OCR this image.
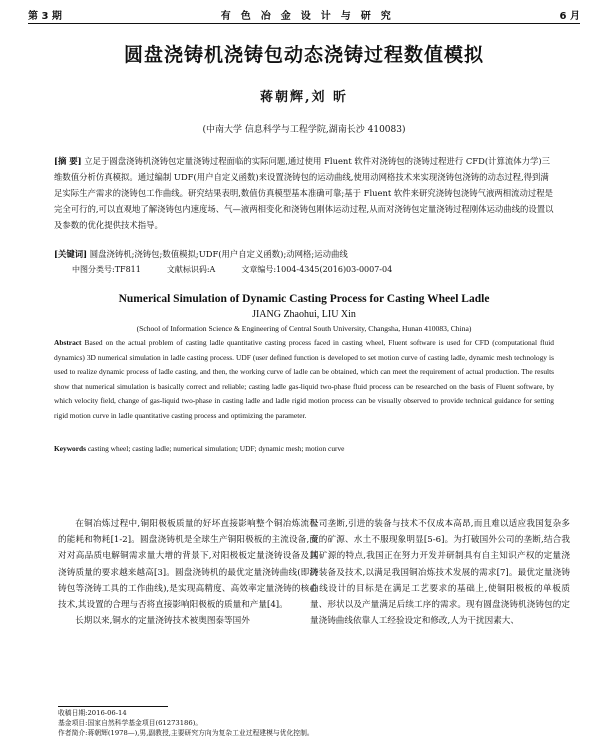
第 3 期	有色冶金设计与研究	6 月
圆盘浇铸机浇铸包动态浇铸过程数值模拟
蒋朝辉,刘 昕
(中南大学 信息科学与工程学院,湖南长沙 410083)
[摘 要] 立足于圆盘浇铸机浇铸包定量浇铸过程面临的实际问题,通过使用 Fluent 软件对浇铸包的浇铸过程进行 CFD(计算流体力学)三维数值分析仿真模拟。通过编制 UDF(用户自定义函数)来设置浇铸包的运动曲线,使用动网格技术来实现浇铸包浇铸的动态过程,得到满足实际生产需求的浇铸包工作曲线。研究结果表明,数值仿真模型基本准确可靠;基于 Fluent 软件来研究浇铸包浇铸气液两相流动过程是完全可行的,可以直观地了解浇铸包内速度场、气—液两相变化和浇铸包刚体运动过程,从而对浇铸包定量浇铸过程刚体运动曲线的设置以及参数的优化提供技术指导。
[关键词] 圆盘浇铸机;浇铸包;数值模拟;UDF(用户自定义函数);动网格;运动曲线
中图分类号:TF811	文献标识码:A	文章编号:1004-4345(2016)03-0007-04
Numerical Simulation of Dynamic Casting Process for Casting Wheel Ladle
JIANG Zhaohui, LIU Xin
(School of Information Science & Engineering of Central South University, Changsha, Hunan 410083, China)
Abstract Based on the actual problem of casting ladle quantitative casting process faced in casting wheel, Fluent software is used for CFD (computational fluid dynamics) 3D numerical simulation in ladle casting process. UDF (user defined function is developed to set motion curve of casting ladle, dynamic mesh technology is used to realize dynamic process of ladle casting, and then, the working curve of ladle can be obtained, which can meet the requirement of actual production. The results show that numerical simulation is basically correct and reliable; casting ladle gas-liquid two-phase fluid process can be researched on the basis of Fluent software, by which velocity field, change of gas-liquid two-phase in casting ladle and ladle rigid motion process can be visually observed to provide technical guidance for setting rigid motion curve in ladle quantitative casting process and optimizing the parameter.
Keywords casting wheel; casting ladle; numerical simulation; UDF; dynamic mesh; motion curve

在铜冶炼过程中,铜阳极板质量的好坏直接影响整个铜冶炼流程的能耗和物耗[1-2]。圆盘浇铸机是全球生产铜阳极板的主流设备,面对对高品质电解铜需求量大增的背景下,对阳极板定量浇铸设备及其浇铸质量的要求越来越高[3]。圆盘浇铸机的最优定量浇铸曲线(即浇铸包等浇铸工具的工作曲线),是实现高精度、高效率定量浇铸的核心技术,其设置的合理与否将直接影响阳极板的质量和产量[4]。

长期以来,铜水的定量浇铸技术被奥图泰等国外

公司垄断,引进的装备与技术不仅成本高昂,而且难以适应我国复杂多变的矿源、水土不服现象明显[5-6]。为打破国外公司的垄断,结合我国矿源的特点,我国正在努力开发并研制具有自主知识产权的定量浇铸装备及技术,以满足我国铜冶炼技术发展的需求[7]。最优定量浇铸曲线设计的目标是在满足工艺要求的基础上,使铜阳极板的单板质量、形状以及产量满足后续工序的需求。现有圆盘浇铸机浇铸包的定量浇铸曲线依靠人工经验设定和修改,人为干扰因素大、

收稿日期:2016-06-14
基金项目:国家自然科学基金项目(61273186)。
作者简介:蒋朝辉(1978—),男,副教授,主要研究方向为复杂工业过程建模与优化控制。
